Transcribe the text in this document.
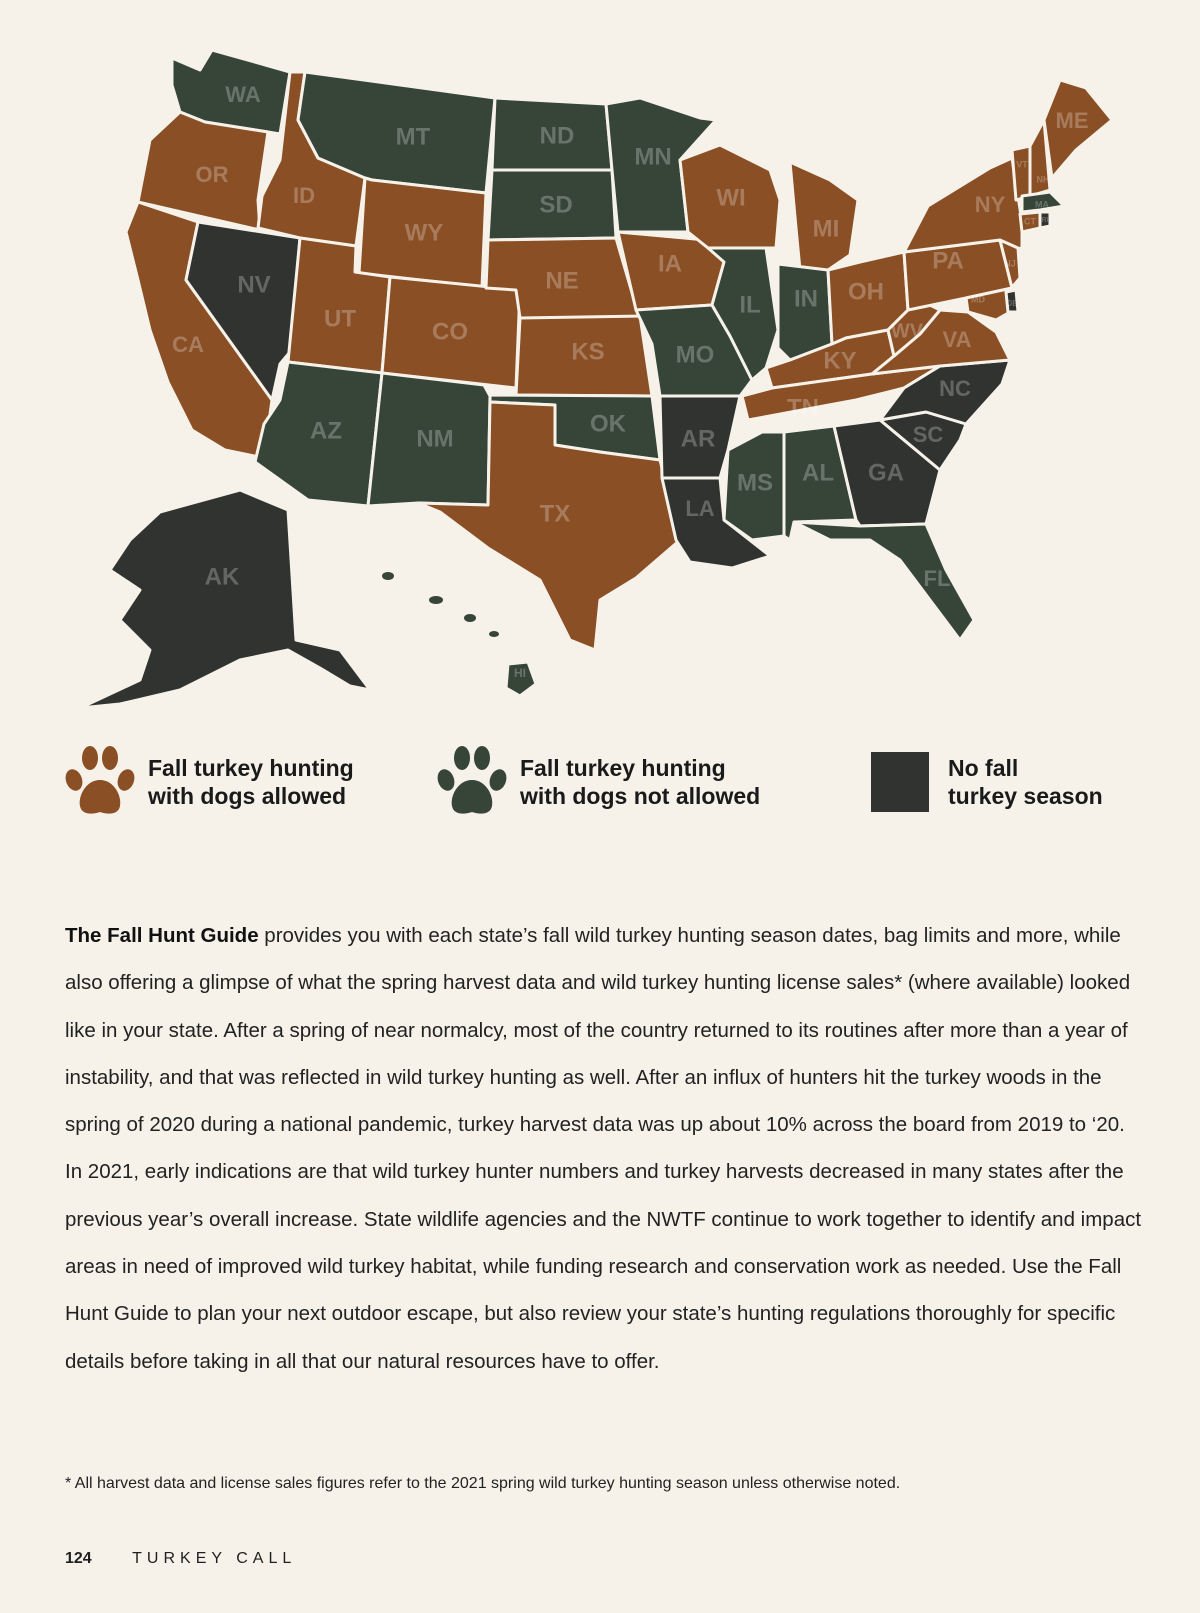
WA
OR
CA
ID
NV
MT
WY
UT	CO
AZ	NM
ND
SD
NE
KS
OK
TX
MN
IA
MO
AR
LA
WI
IL
MI
IN OH
KY
TN
MS AL GA
FL
SC
NC
VA
WV
PA
NY
NJ
MD	DE
VT
NH
ME
MA
CT RI
AK
HI
Fall turkey hunting
with dogs allowed
Fall turkey hunting
with dogs not allowed
No fall
turkey season

The Fall Hunt Guide provides you with each state’s fall wild turkey hunting season dates, bag limits and more, while also offering a glimpse of what the spring harvest data and wild turkey hunting license sales* (where available) looked like in your state. After a spring of near normalcy, most of the country returned to its routines after more than a year of instability, and that was reflected in wild turkey hunting as well. After an influx of hunters hit the turkey woods in the spring of 2020 during a national pandemic, turkey harvest data was up about 10% across the board from 2019 to ‘20. In 2021, early indications are that wild turkey hunter numbers and turkey harvests decreased in many states after the previous year’s overall increase. State wildlife agencies and the NWTF continue to work together to identify and impact areas in need of improved wild turkey habitat, while funding research and conservation work as needed. Use the Fall Hunt Guide to plan your next outdoor escape, but also review your state’s hunting regulations thoroughly for specific details before taking in all that our natural resources have to offer.

* All harvest data and license sales figures refer to the 2021 spring wild turkey hunting season unless otherwise noted.

124	TURKEY CALL
